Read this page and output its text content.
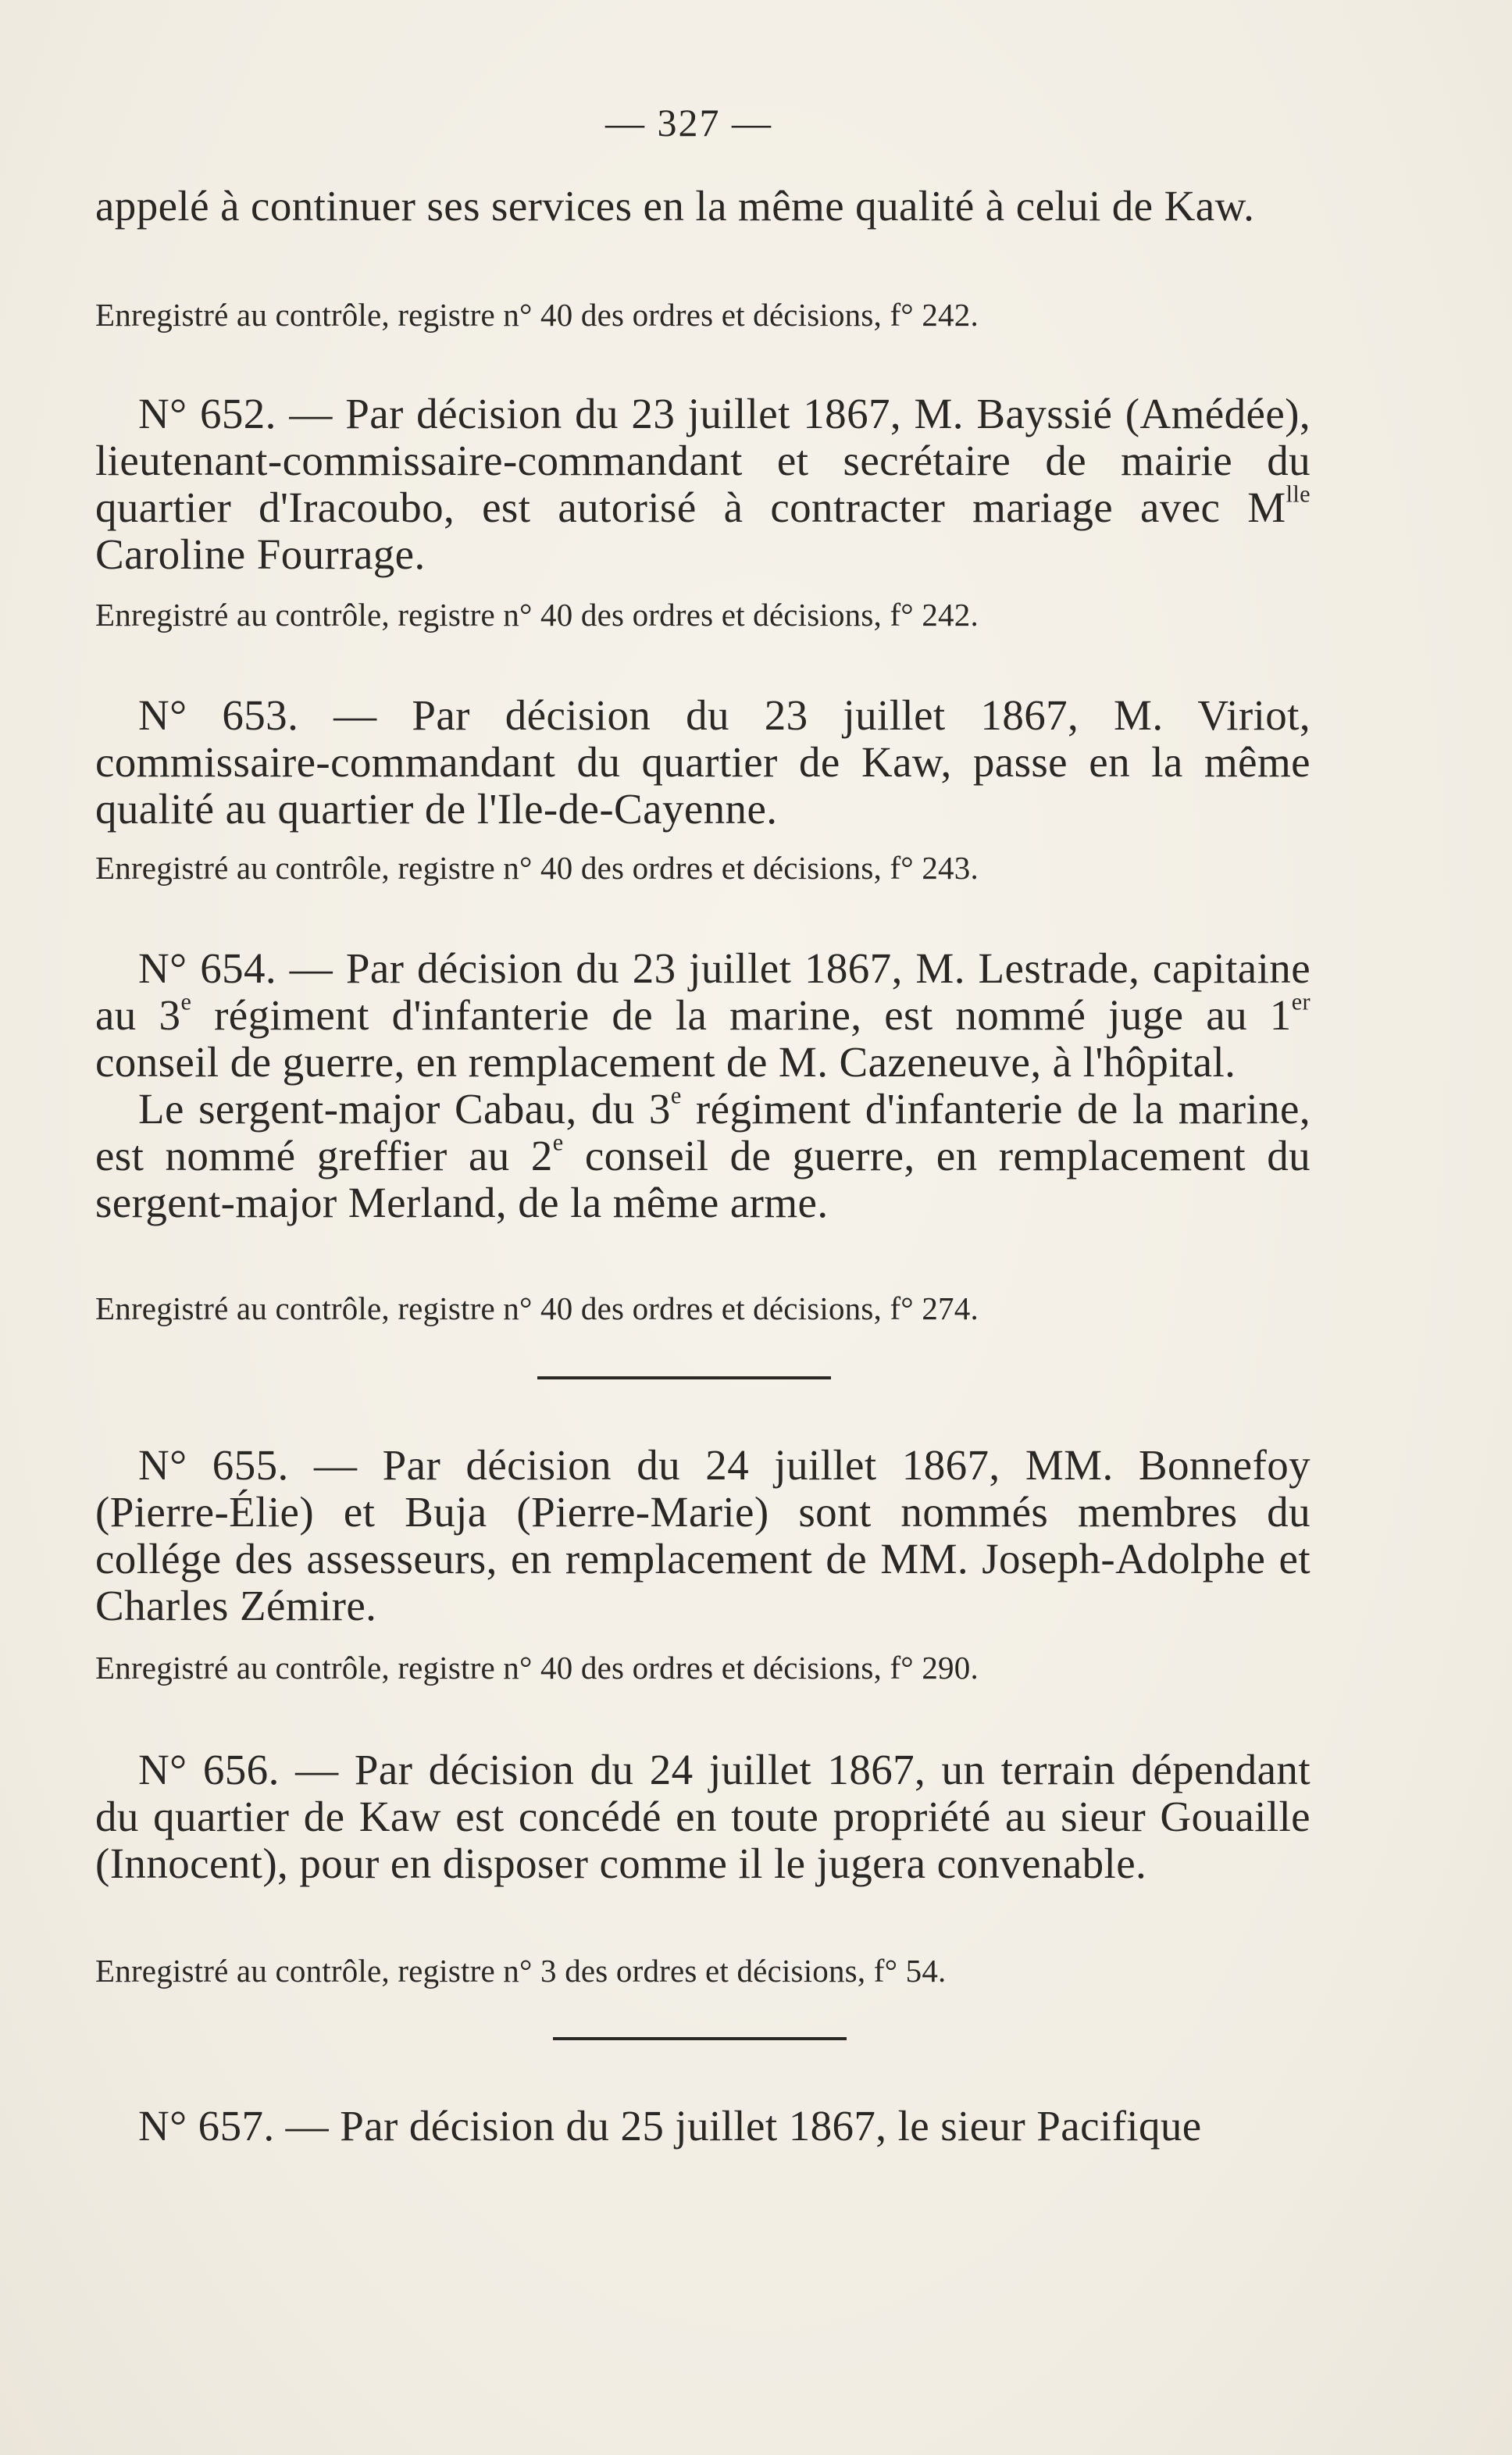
— 327 —

appelé à continuer ses services en la même qualité à celui de Kaw.

Enregistré au contrôle, registre n° 40 des ordres et décisions, f° 242.

N° 652. — Par décision du 23 juillet 1867, M. Bayssié (Amédée), lieutenant-commissaire-commandant et secrétaire de mairie du quartier d'Iracoubo, est autorisé à contracter mariage avec $M^{lle}$ Caroline Fourrage.

Enregistré au contrôle, registre n° 40 des ordres et décisions, f° 242.

N° 653. — Par décision du 23 juillet 1867, M. Viriot, commissaire-commandant du quartier de Kaw, passe en la même qualité au quartier de l'Ile-de-Cayenne.

Enregistré au contrôle, registre n° 40 des ordres et décisions, f° 243.

N° 654. — Par décision du 23 juillet 1867, M. Lestrade, capitaine au 3e régiment d'infanterie de la marine, est nommé juge au 1er conseil de guerre, en remplacement de M. Cazeneuve, à l'hôpital.

Le sergent-major Cabau, du 3e régiment d'infanterie de la marine, est nommé greffier au 2e conseil de guerre, en remplacement du sergent-major Merland, de la même arme.

Enregistré au contrôle, registre n° 40 des ordres et décisions, f° 274.

N° 655. — Par décision du 24 juillet 1867, MM. Bonnefoy (Pierre-Élie) et Buja (Pierre-Marie) sont nommés membres du collége des assesseurs, en remplacement de MM. Joseph-Adolphe et Charles Zémire.

Enregistré au contrôle, registre n° 40 des ordres et décisions, f° 290.

N° 656. — Par décision du 24 juillet 1867, un terrain dépendant du quartier de Kaw est concédé en toute propriété au sieur Gouaille (Innocent), pour en disposer comme il le jugera convenable.

Enregistré au contrôle, registre n° 3 des ordres et décisions, f° 54.

N° 657. — Par décision du 25 juillet 1867, le sieur Pacifique
